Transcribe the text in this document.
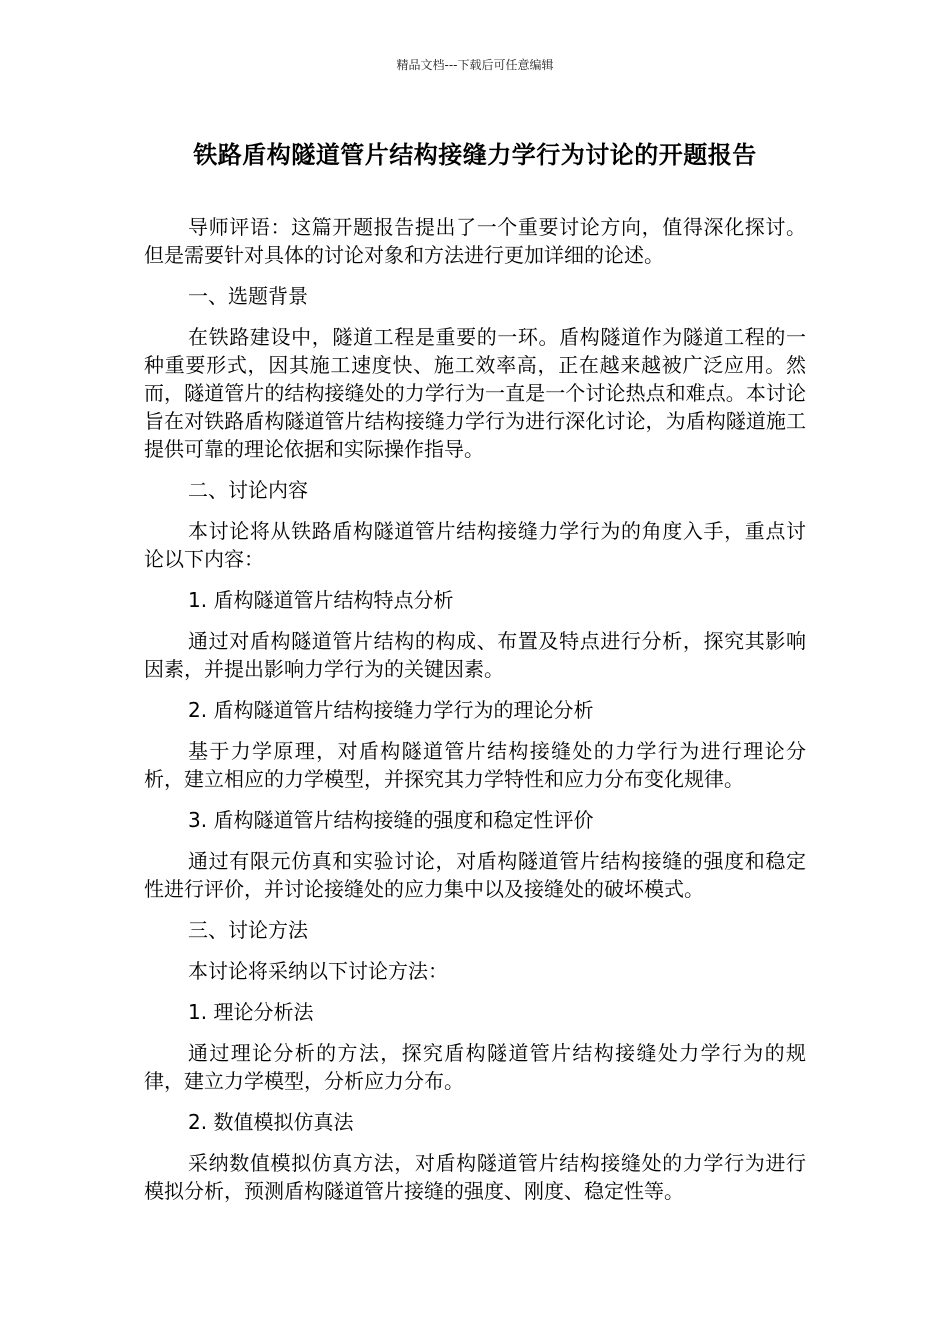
精品文档---下载后可任意编辑
铁路盾构隧道管片结构接缝力学行为讨论的开题报告

导师评语：这篇开题报告提出了一个重要讨论方向，值得深化探讨。但是需要针对具体的讨论对象和方法进行更加详细的论述。

一、选题背景

在铁路建设中，隧道工程是重要的一环。盾构隧道作为隧道工程的一种重要形式，因其施工速度快、施工效率高，正在越来越被广泛应用。然而，隧道管片的结构接缝处的力学行为一直是一个讨论热点和难点。本讨论旨在对铁路盾构隧道管片结构接缝力学行为进行深化讨论，为盾构隧道施工提供可靠的理论依据和实际操作指导。

二、讨论内容

本讨论将从铁路盾构隧道管片结构接缝力学行为的角度入手，重点讨论以下内容：

1. 盾构隧道管片结构特点分析

通过对盾构隧道管片结构的构成、布置及特点进行分析，探究其影响因素，并提出影响力学行为的关键因素。

2. 盾构隧道管片结构接缝力学行为的理论分析

基于力学原理，对盾构隧道管片结构接缝处的力学行为进行理论分析，建立相应的力学模型，并探究其力学特性和应力分布变化规律。

3. 盾构隧道管片结构接缝的强度和稳定性评价

通过有限元仿真和实验讨论，对盾构隧道管片结构接缝的强度和稳定性进行评价，并讨论接缝处的应力集中以及接缝处的破坏模式。

三、讨论方法

本讨论将采纳以下讨论方法：

1. 理论分析法

通过理论分析的方法，探究盾构隧道管片结构接缝处力学行为的规律，建立力学模型，分析应力分布。

2. 数值模拟仿真法

采纳数值模拟仿真方法，对盾构隧道管片结构接缝处的力学行为进行模拟分析，预测盾构隧道管片接缝的强度、刚度、稳定性等。
